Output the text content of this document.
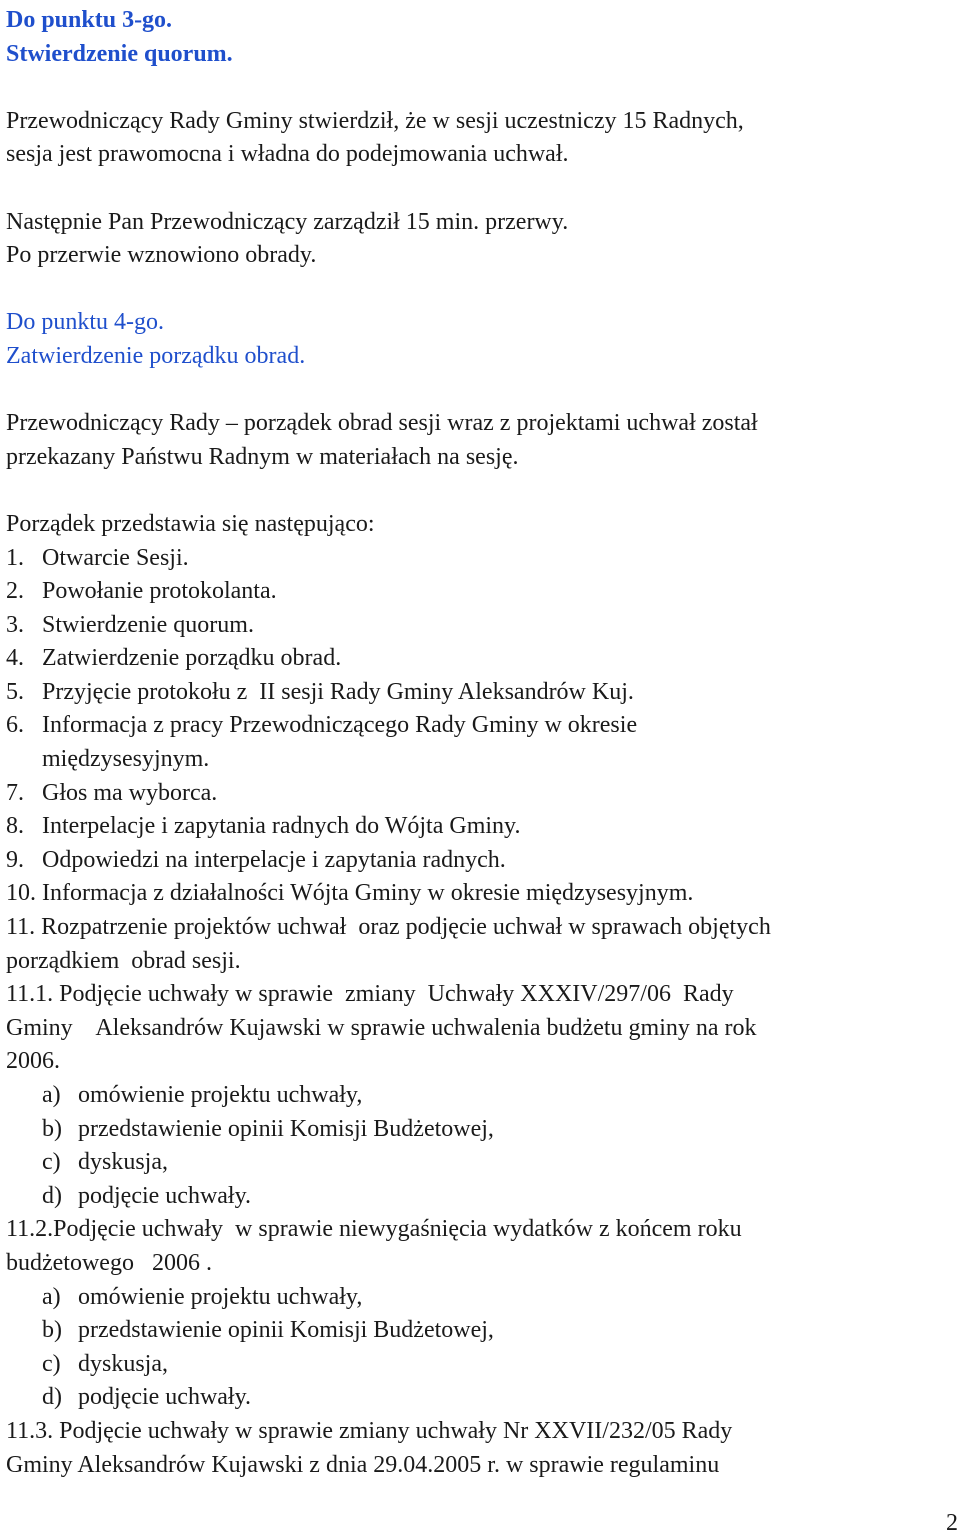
Do punktu 3-go.
Stwierdzenie quorum.
Przewodniczący Rady Gminy stwierdził, że w sesji uczestniczy 15 Radnych,
sesja jest prawomocna i władna do podejmowania uchwał.
Następnie Pan Przewodniczący zarządził 15 min. przerwy.
Po przerwie wznowiono obrady.
Do punktu 4-go.
Zatwierdzenie porządku obrad.
Przewodniczący Rady – porządek obrad sesji wraz z projektami uchwał został
przekazany Państwu Radnym w materiałach na sesję.
Porządek przedstawia się następująco:
1. Otwarcie Sesji.
2. Powołanie protokolanta.
3. Stwierdzenie quorum.
4. Zatwierdzenie porządku obrad.
5. Przyjęcie protokołu z  II sesji Rady Gminy Aleksandrów Kuj.
6. Informacja z pracy Przewodniczącego Rady Gminy w okresie
międzysesyjnym.
7. Głos ma wyborca.
8. Interpelacje i zapytania radnych do Wójta Gminy.
9. Odpowiedzi na interpelacje i zapytania radnych.
10. Informacja z działalności Wójta Gminy w okresie międzysesyjnym.
11. Rozpatrzenie projektów uchwał  oraz podjęcie uchwał w sprawach objętych
porządkiem  obrad sesji.
11.1. Podjęcie uchwały w sprawie  zmiany  Uchwały XXXIV/297/06  Rady
Gminy    Aleksandrów Kujawski w sprawie uchwalenia budżetu gminy na rok
2006.
a) omówienie projektu uchwały,
b) przedstawienie opinii Komisji Budżetowej,
c) dyskusja,
d) podjęcie uchwały.
11.2.Podjęcie uchwały  w sprawie niewygaśnięcia wydatków z końcem roku
budżetowego   2006 .
a) omówienie projektu uchwały,
b) przedstawienie opinii Komisji Budżetowej,
c) dyskusja,
d) podjęcie uchwały.
11.3. Podjęcie uchwały w sprawie zmiany uchwały Nr XXVII/232/05 Rady
Gminy Aleksandrów Kujawski z dnia 29.04.2005 r. w sprawie regulaminu
2
